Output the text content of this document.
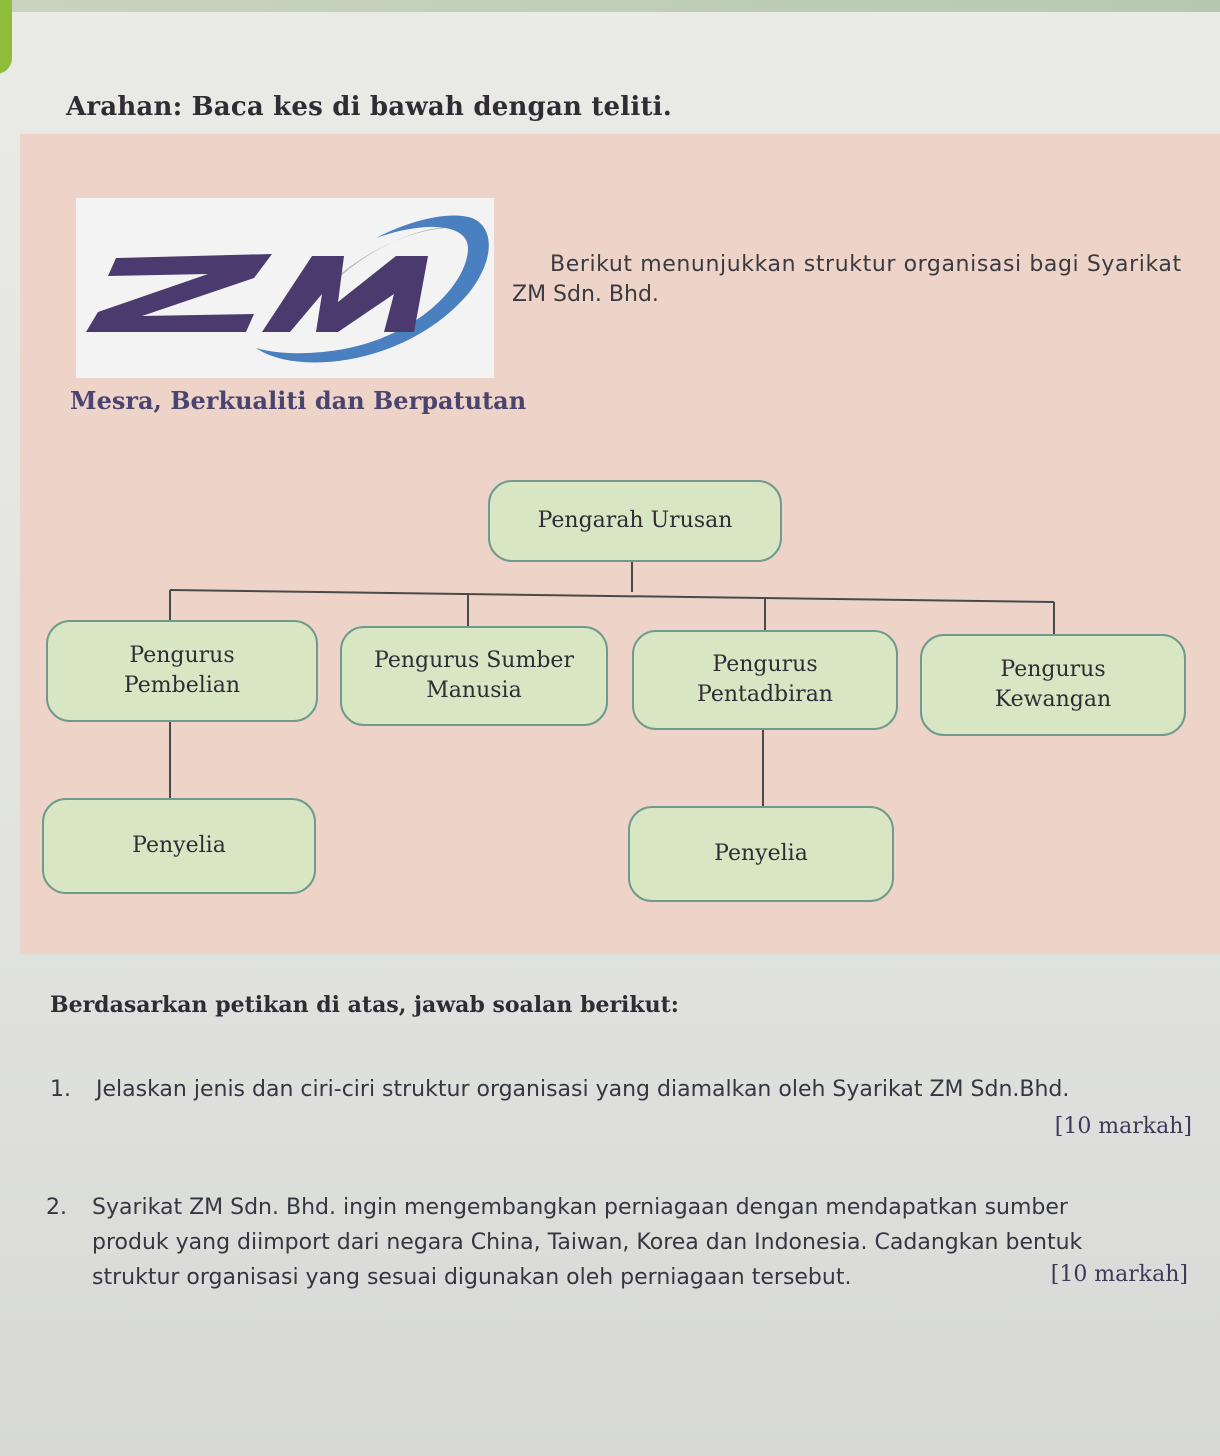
Arahan: Baca kes di bawah dengan teliti.
Mesra, Berkualiti dan Berpatutan
Berikut menunjukkan struktur organisasi bagi Syarikat
ZM Sdn. Bhd.
Pengarah Urusan
Pengurus
Pembelian
Pengurus Sumber
Manusia
Pengurus
Pentadbiran
Pengurus
Kewangan
Penyelia	Penyelia
Berdasarkan petikan di atas, jawab soalan berikut:
1. Jelaskan jenis dan ciri-ciri struktur organisasi yang diamalkan oleh Syarikat ZM Sdn.Bhd.
[10 markah]
2. Syarikat ZM Sdn. Bhd. ingin mengembangkan perniagaan dengan mendapatkan sumber
produk yang diimport dari negara China, Taiwan, Korea dan Indonesia. Cadangkan bentuk
struktur organisasi yang sesuai digunakan oleh perniagaan tersebut.	[10 markah]
